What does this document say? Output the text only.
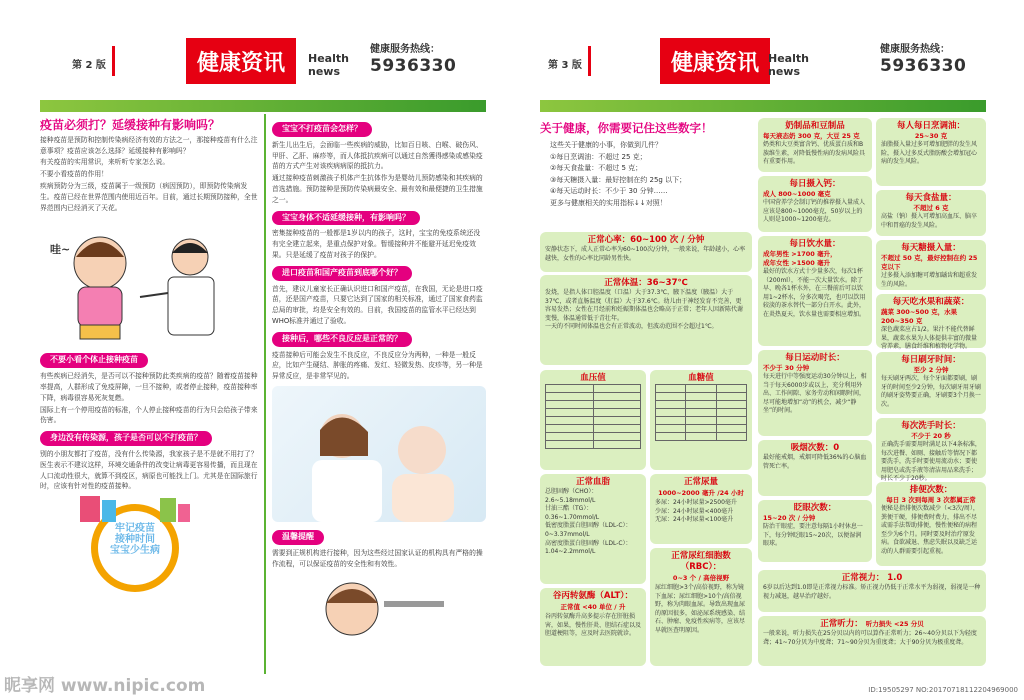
第 2 版	健康资讯	Health news
健康服务热线：
5936330
疫苗必须打？延缓接种有影响吗？

接种疫苗是预防和控制传染病经济有效的方法之一，那接种疫苗有什么注意事项？疫苗应该怎么选择？延缓接种有影响吗？

有关疫苗的实用常识，来听听专家怎么说。

不要小看疫苗的作用！

疾病预防分为三级，疫苗属于一级预防（病因预防），即预防传染病发生。疫苗已经在世界范围内使用近百年。目前，通过长期预防接种，全世界范围内已经消灭了天花。

哇~
不要小看个体止接种疫苗

有些疾病已经消失，是否可以不接种预防此类疾病的疫苗？随着疫苗接种率提高，人群形成了免疫屏障，一旦不接种，或者停止接种，疫苗接种率下降，病毒很容易死灰复燃。

国际上有一个停用疫苗的标准，个人停止接种疫苗的行为只会给孩子带来伤害。

身边没有传染源，孩子是否可以不打疫苗？

别的小朋友都打了疫苗，没有什么传染源，我家孩子是不是就不用打了？医生表示不建议这样，环境交通条件的改变让病毒更容易传播，而且现在人口流动性很大，就算不到疫区，病原也可能找上门。尤其是在国际旅行时，应该有针对性的疫苗接种。

牢记疫苗
接种时间
宝宝少生病
宝宝不打疫苗会怎样？

新生儿出生后，会面临一些疾病的威胁，比如百日咳、白喉、破伤风、甲肝、乙肝、麻疹等，而人体抵抗疾病可以通过自然獲得感染或感染疫苗的方式产生对该疾病病原的抵抗力。

通过接种疫苗刺激孩子机体产生抗体作为是婴幼儿预防感染和其疾病的首选措施。预防接种是预防传染病最安全、最有效和最便捷的卫生措施之一。

宝宝身体不适延缓接种，有影响吗？

密集接种疫苗的一般都是1岁以内的孩子，这时，宝宝的免疫系统还没有完全建立起来，是重点保护对象。暂缓接种并不能避开延迟免疫效果。只是延缓了疫苗对孩子的保护。

进口疫苗和国产疫苗到底哪个好？

首先，建议儿童家长正确认识进口和国产疫苗，在我国，无论是进口疫苗，还是国产疫苗，只要它达到了国家的相关标准，通过了国家食药监总局的审批，均是安全有效的。目前，我国疫苗的监管水平已经达到WHO标准并通过了验收。

接种后，哪些不良反应是正常的？

疫苗接种后可能会发生不良反应，不良反应分为两种，一种是一般反应，比如产生硬结、肿胀的疼痛、发红、轻微发热、皮疹等，另一种是异常反应，是非常罕见的。

温馨提醒

需要到正规机构进行接种，因为这些经过国家认证的机构具有严格的操作流程，可以保证疫苗的安全性和有效性。

第 3 版	健康资讯 Health news
健康服务热线：
5936330
关于健康，你需要记住这些数字！
这些关于健康的小事，你做到几件？
①每日烹调油：不超过 25 克；
②每天食盐量：不超过 5 克；
③每天糖摄入量：最好控制在约 25g 以下；
④每天运动时长：不少于 30 分钟……
更多与健康相关的实用指标↓↓对照！
正常心率：60~100 次 / 分钟
安静状态下，成人正常心率为60~100次/分钟，一般来说，年龄越小，心率越快，女性的心率比同龄男性快。
正常体温：36~37℃
发烧，是指人体口腔温度（口温）大于37.3℃，腋下温度（腋温）大于37℃，或者直肠温度（肛温）大于37.6℃。幼儿由于神经发育不完善，更容易发热；女性在月经前和妊娠期体温也会略高于正常；老年人因新陈代谢变慢，体温通常低于青壮年。
一天的不同时间体温也会有正常波动，但波动范围不会超过1℃。
血压值

		血糖值

正常血脂
总胆固醇（CHO）：
2.6~5.18mmol/L
甘油三酯（TG）：
0.36~1.70mmol/L
低密度脂蛋白胆固醇（LDL-C）：
0~3.37mmol/L
高密度脂蛋白胆固醇（LDL-C）：
1.04~2.2mmol/L
谷丙转氨酶（ALT）：
正常值 <40 单位 / 升
谷丙转氨酶升高多提示存在肝脏损害，如果，慢性肝炎、胆结石症以及胆道梗阻等，应及时去医院就诊。
正常尿量
1000~2000 毫升 /24 小时
多尿：24小时尿量>2500毫升
少尿：24小时尿量<400毫升
无尿：24小时尿量<100毫升
正常尿红细胞数（RBC）：
0~3 个 / 高倍视野
尿红细胞>3个/高倍视野，称为镜下血尿；尿红细胞>10个/高倍视野，称为肉眼血尿。导致出现血尿的原因很多，如泌尿系统感染、结石、肿瘤、免疫性疾病等，应该尽早就医查明原因。
奶制品和豆制品
每天液态奶 300 克，大豆 25 克
奶类和大豆类富含钙、优质蛋白质和B族维生素，对降低慢性病的发病风险具有重要作用。
每日摄入钙：
成人 800~1000 毫克
中国营养学会制订钙的推荐摄入量成人应该是800~1000毫克，50岁以上的人则是1000~1200毫克。
每日饮水量：
成年男性 >1700 毫升，
成年女性 >1500 毫升
最好的饮水方式十少量多次，每次1杯（200ml），不能一次大量饮水。除了早、晚各1杯水外，在三餐前后可以饮用1~2杯水，分多次喝完，也可以饮用较淡的茶水替代一部分白开水。此外，在炎热夏天，饮水量也需要相应增加。
每日运动时长：
不少于 30 分钟
每天进行中等强度运动30分钟以上，相当于每天6000步或以上，充分利用外出、工作间隙、家务劳动和闲暇时间，尽可能地增加“动”的机会，减少“静坐”的时间。
吸烟次数：0
最好能戒烟，戒烟可降低36%的心脑血管死亡率。
眨眼次数：
15~20 次 / 分钟
防治干眼症，要注意每隔1小时休息一下，每分钟眨眼15~20次，以便湿润眼球。
每人每日烹调油：
25~30 克
油脂摄入量过多可增加肥胖的发生风险，摄入过多反式脂肪酸会增加冠心病的发生风险。
每天食盐量：
不超过 6 克
高盐（钠）摄入可增加高血压、脑卒中和胃癌的发生风险。
每天糖摄入量：
不超过 50 克，最好控制在约 25 克以下
过多摄入添加糖可增加龋齿和超重发生的风险。
每天吃水果和蔬菜：
蔬菜 300~500 克，水果 200~350 克
深色蔬菜应占1/2。果汁不能代替鲜果，蔬菜水果为人体提供丰富的微量营养素，膳食纤维和植物化学物。
每日刷牙时间：
至少 2 分钟
每天刷牙两次，每个牙面都要刷，刷牙的时间至少2分钟，每次刷牙用牙刷的刷牙姿势要正确，牙刷要3个月换一次。
每次洗手时长：
不少于 20 秒
正确洗手需要用时满足以下4条标准，每次进餐、如厕、接触后等情况下都要洗手，洗手时要使用流动水；要使用肥皂或洗手液等清洁用品来洗手；时长不少于20秒。
排便次数：
每日 3 次到每周 3 次都属正常
便秘是指排便次数减少（<3次/周），粪便干硬，排便费时费力，排出不尽或需手法帮助排便，慢性便秘的病程至少为6个月。同时要及时治疗原发病。食欲减退、焦虑失眠以及缺乏运动的人群需要引起重视。
正常视力： 1.0
6岁以后达到1.0即是正常视力标准。矫正视力仍低于正常水平为弱视，弱视是一种视力减退，越早治疗越好。
正常听力： 听力损失 <25 分贝
一般来说，听力损失在25分贝以内的可以算作正常听力；26~40分贝以下为轻度聋；41~70分贝为中度聋；71~90分贝为重度聋；大于90分贝为极重度聋。
昵享网 www.nipic.com	ID:19505297 NO:20170718112204969000
